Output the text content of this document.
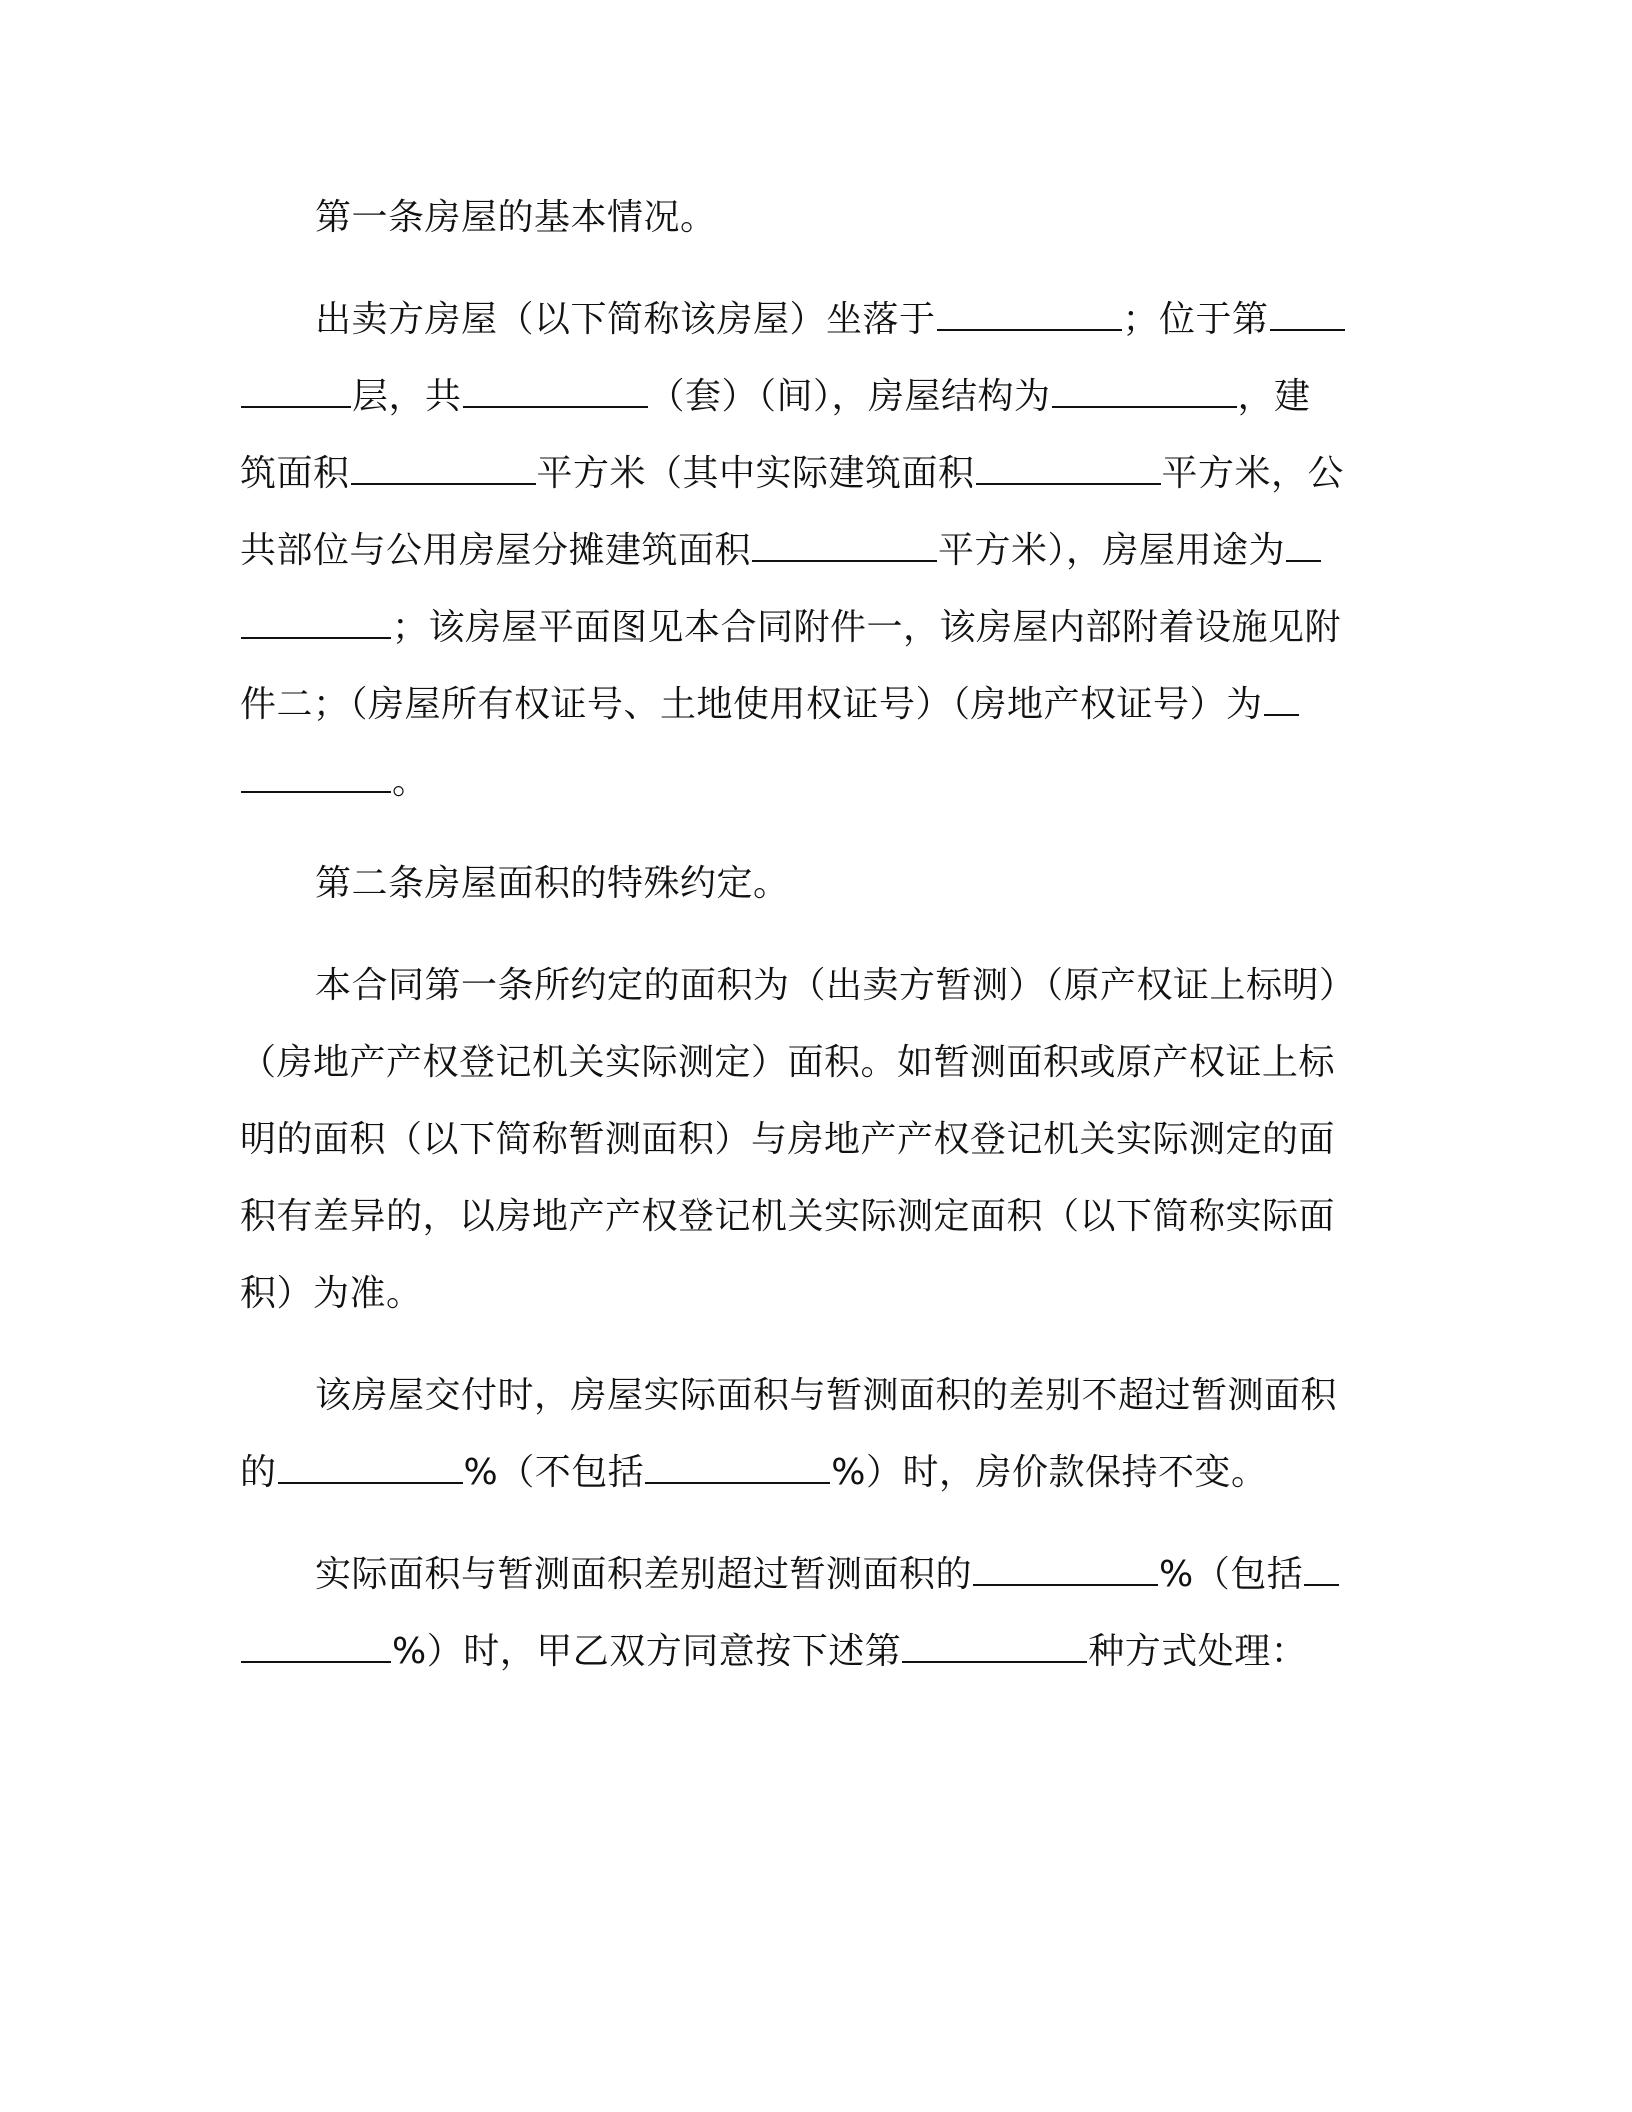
第一条房屋的基本情况。
出卖方房屋（以下简称该房屋）坐落于	；位于第
层，共	（套）（间），房屋结构为	，建
筑面积	平方米（其中实际建筑面积	平方米，公
共部位与公用房屋分摊建筑面积	平方米），房屋用途为
；该房屋平面图见本合同附件一，该房屋内部附着设施见附
件二；（房屋所有权证号、土地使用权证号）（房地产权证号）为
。
第二条房屋面积的特殊约定。
本合同第一条所约定的面积为（出卖方暂测）（原产权证上标明）
（房地产产权登记机关实际测定）面积。如暂测面积或原产权证上标
明的面积（以下简称暂测面积）与房地产产权登记机关实际测定的面
积有差异的，以房地产产权登记机关实际测定面积（以下简称实际面
积）为准。
该房屋交付时，房屋实际面积与暂测面积的差别不超过暂测面积
的	%（不包括	%）时，房价款保持不变。
实际面积与暂测面积差别超过暂测面积的	%（包括
%）时，甲乙双方同意按下述第	种方式处理：
